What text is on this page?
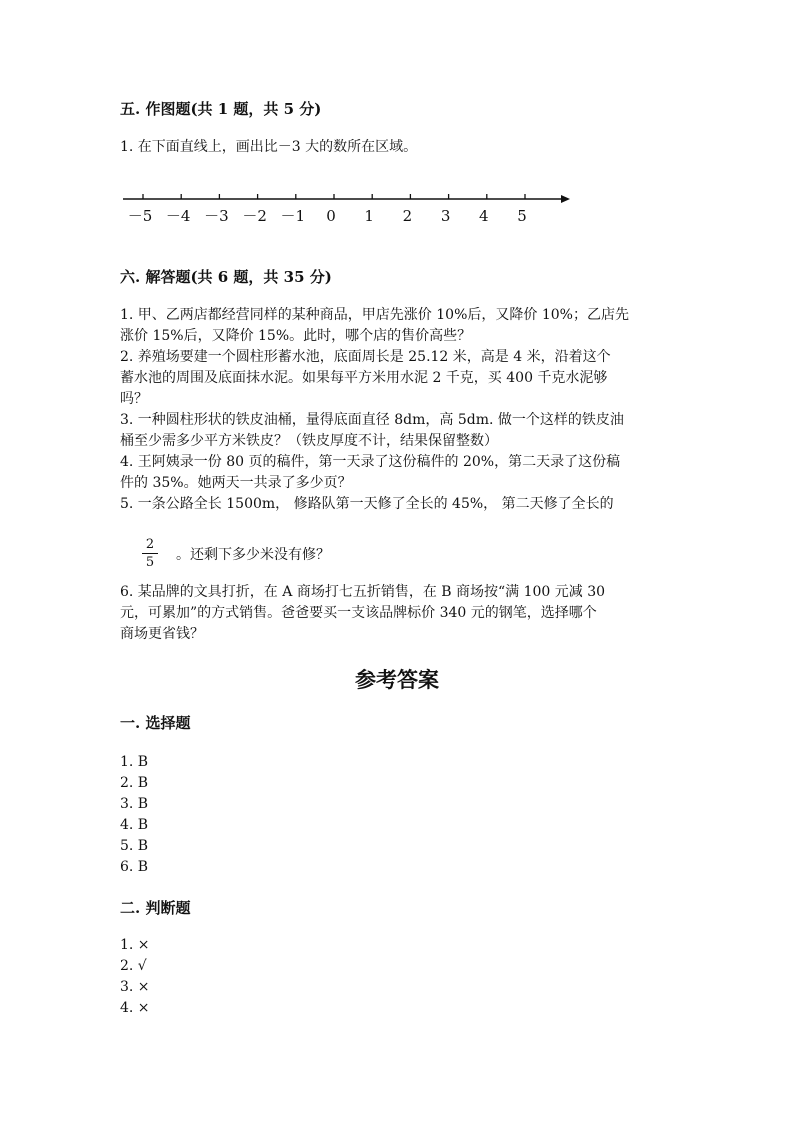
五. 作图题(共 1 题，共 5 分)
1. 在下面直线上，画出比－3 大的数所在区域。
－5 －4 －3 －2 －1 0 1 2 3 4 5
六. 解答题(共 6 题，共 35 分)
1. 甲、乙两店都经营同样的某种商品，甲店先涨价 10%后，又降价 10%；乙店先
涨价 15%后，又降价 15%。此时，哪个店的售价高些？
2. 养殖场要建一个圆柱形蓄水池，底面周长是 25.12 米，高是 4 米，沿着这个
蓄水池的周围及底面抹水泥。如果每平方米用水泥 2 千克，买 400 千克水泥够
吗？
3. 一种圆柱形状的铁皮油桶，量得底面直径 8dm，高 5dm. 做一个这样的铁皮油
桶至少需多少平方米铁皮？（铁皮厚度不计，结果保留整数）
4. 王阿姨录一份 80 页的稿件，第一天录了这份稿件的 20%，第二天录了这份稿
件的 35%。她两天一共录了多少页？
5. 一条公路全长 1500m， 修路队第一天修了全长的 45%， 第二天修了全长的
2
5 。还剩下多少米没有修？
6. 某品牌的文具打折，在 A 商场打七五折销售，在 B 商场按“满 100 元减 30
元，可累加”的方式销售。爸爸要买一支该品牌标价 340 元的钢笔，选择哪个
商场更省钱？
参考答案
一. 选择题
1. B
2. B
3. B
4. B
5. B
6. B
二. 判断题
1. ×
2. √
3. ×
4. ×
